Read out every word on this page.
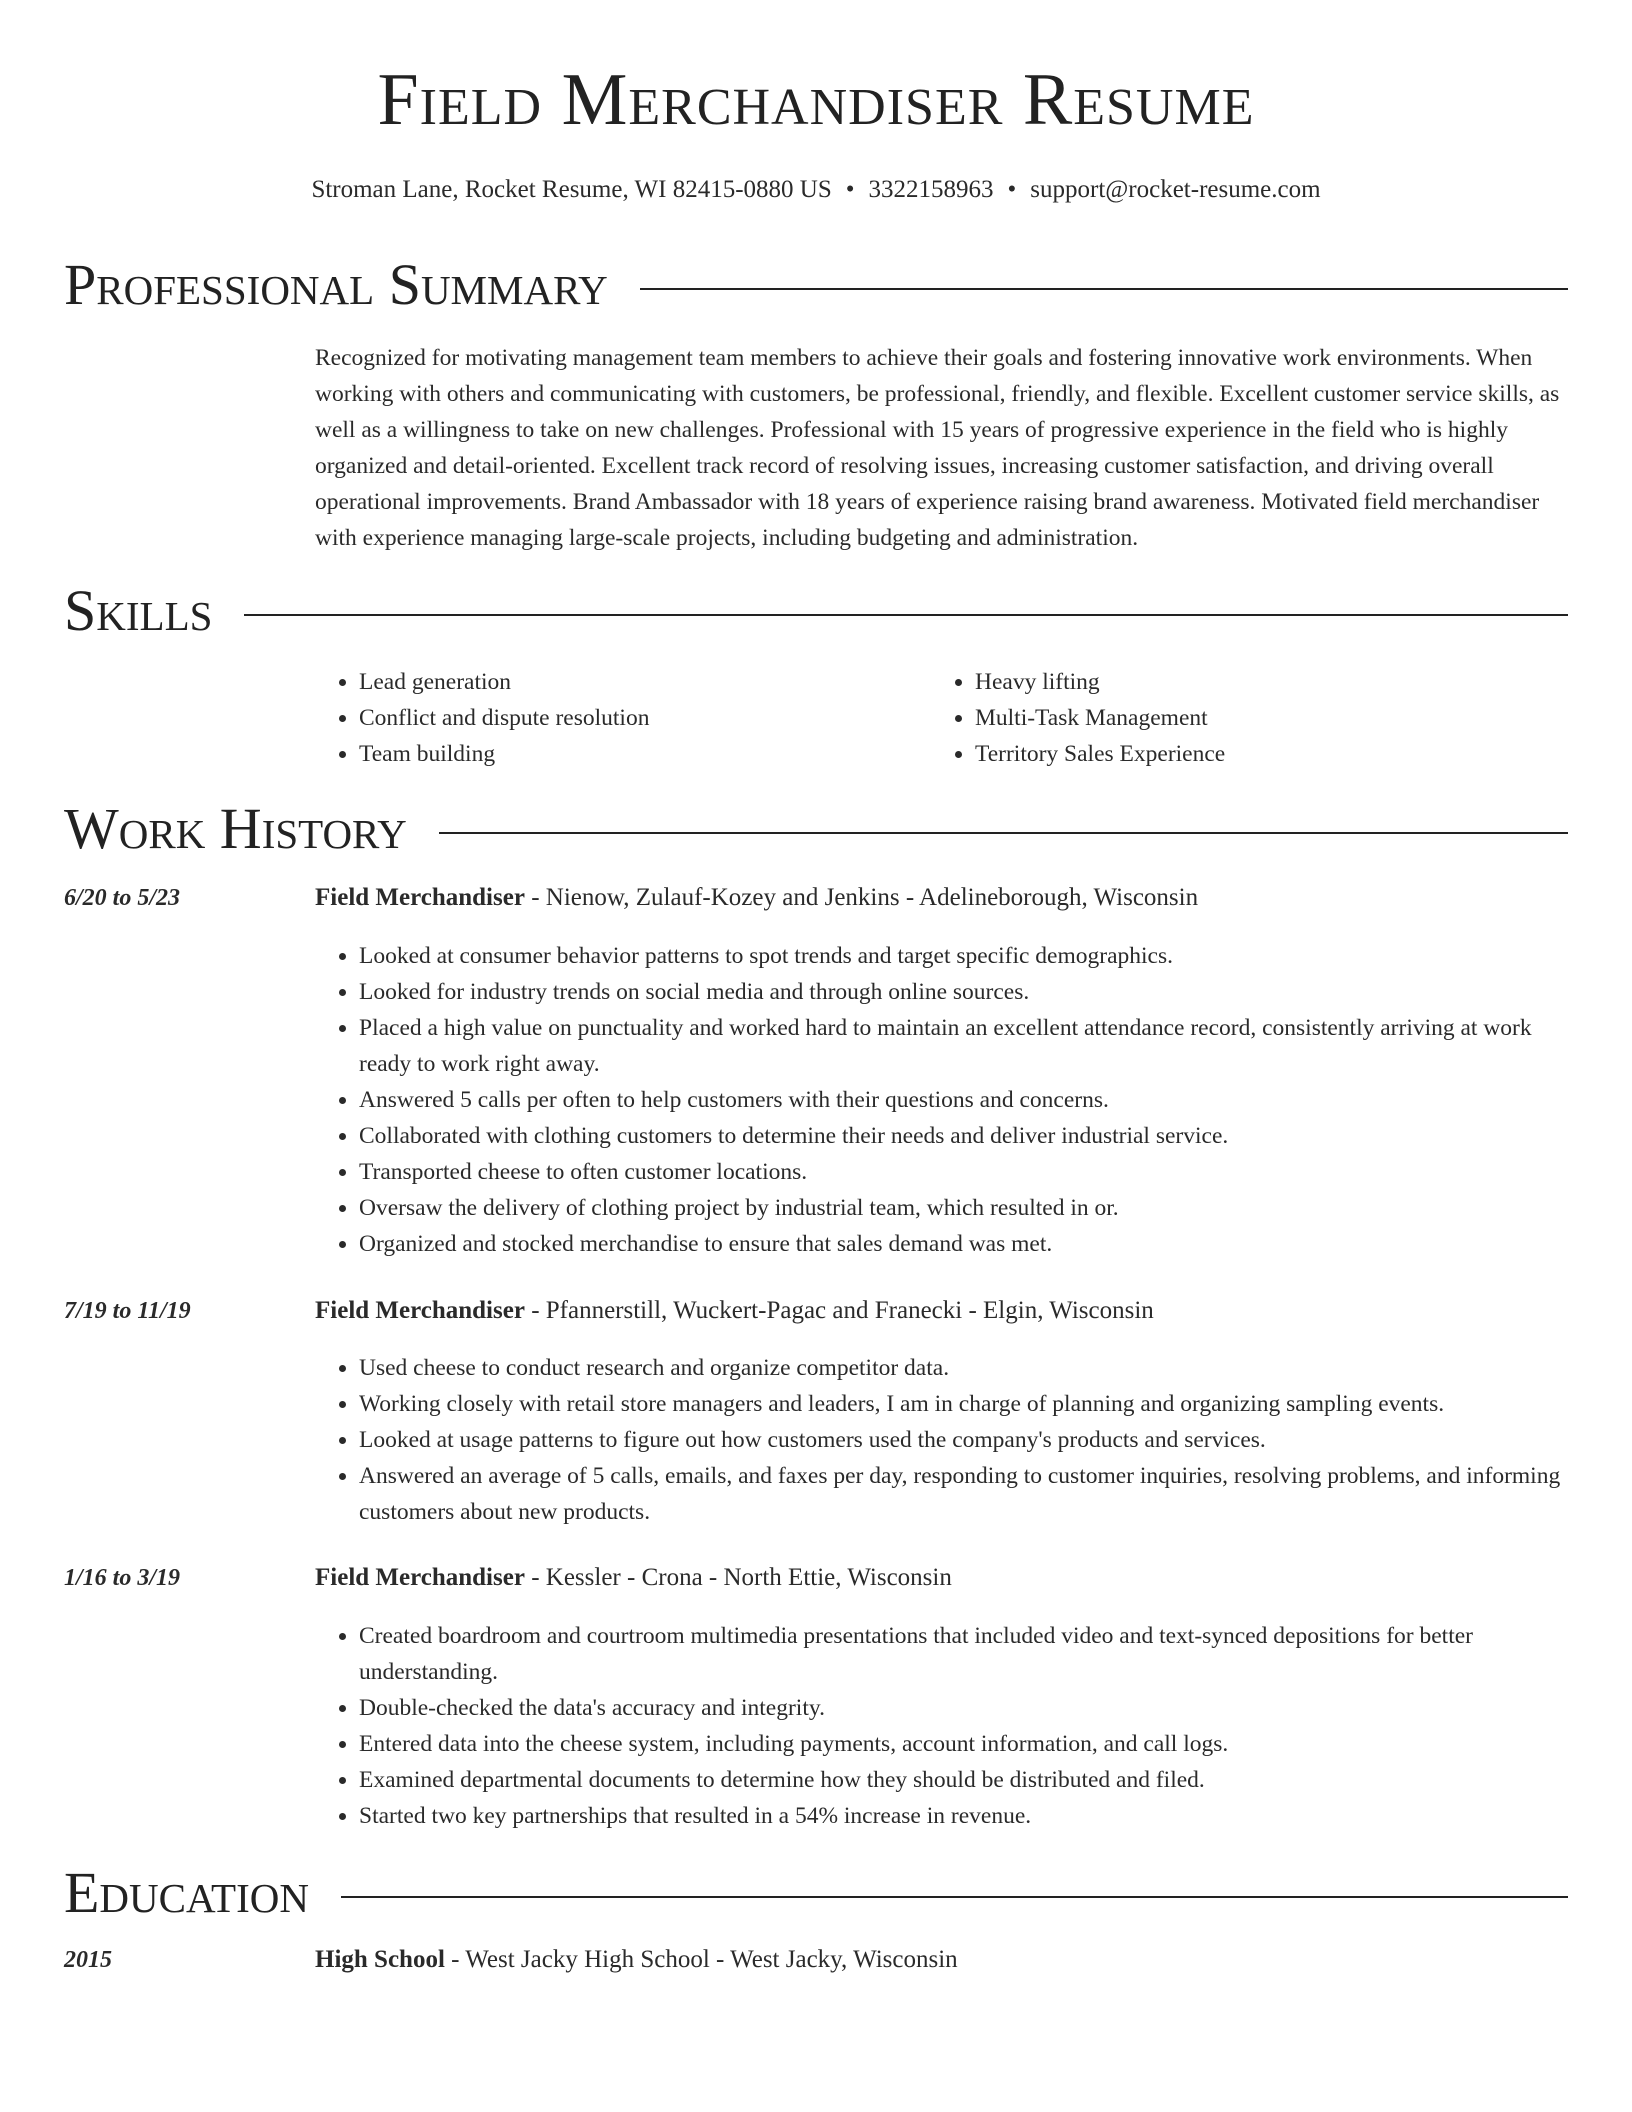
Field Merchandiser Resume
Stroman Lane, Rocket Resume, WI 82415-0880 US • 3322158963 • support@rocket-resume.com
Professional Summary

Recognized for motivating management team members to achieve their goals and fostering innovative work environments. When working with others and communicating with customers, be professional, friendly, and flexible. Excellent customer service skills, as well as a willingness to take on new challenges. Professional with 15 years of progressive experience in the field who is highly organized and detail-oriented. Excellent track record of resolving issues, increasing customer satisfaction, and driving overall operational improvements. Brand Ambassador with 18 years of experience raising brand awareness. Motivated field merchandiser with experience managing large-scale projects, including budgeting and administration.

Skills
• Lead generation
• Conflict and dispute resolution
• Team building
• Heavy lifting
• Multi-Task Management
• Territory Sales Experience
Work History
6/20 to 5/23	Field Merchandiser - Nienow, Zulauf-Kozey and Jenkins - Adelineborough, Wisconsin
• Looked at consumer behavior patterns to spot trends and target specific demographics.
• Looked for industry trends on social media and through online sources.
• Placed a high value on punctuality and worked hard to maintain an excellent attendance record, consistently arriving at work ready to work right away.
• Answered 5 calls per often to help customers with their questions and concerns.
• Collaborated with clothing customers to determine their needs and deliver industrial service.
• Transported cheese to often customer locations.
• Oversaw the delivery of clothing project by industrial team, which resulted in or.
• Organized and stocked merchandise to ensure that sales demand was met.
7/19 to 11/19	Field Merchandiser - Pfannerstill, Wuckert-Pagac and Franecki - Elgin, Wisconsin
• Used cheese to conduct research and organize competitor data.
• Working closely with retail store managers and leaders, I am in charge of planning and organizing sampling events.
• Looked at usage patterns to figure out how customers used the company's products and services.
• Answered an average of 5 calls, emails, and faxes per day, responding to customer inquiries, resolving problems, and informing customers about new products.
1/16 to 3/19	Field Merchandiser - Kessler - Crona - North Ettie, Wisconsin
• Created boardroom and courtroom multimedia presentations that included video and text-synced depositions for better understanding.
• Double-checked the data's accuracy and integrity.
• Entered data into the cheese system, including payments, account information, and call logs.
• Examined departmental documents to determine how they should be distributed and filed.
• Started two key partnerships that resulted in a 54% increase in revenue.
Education
2015	High School - West Jacky High School - West Jacky, Wisconsin
